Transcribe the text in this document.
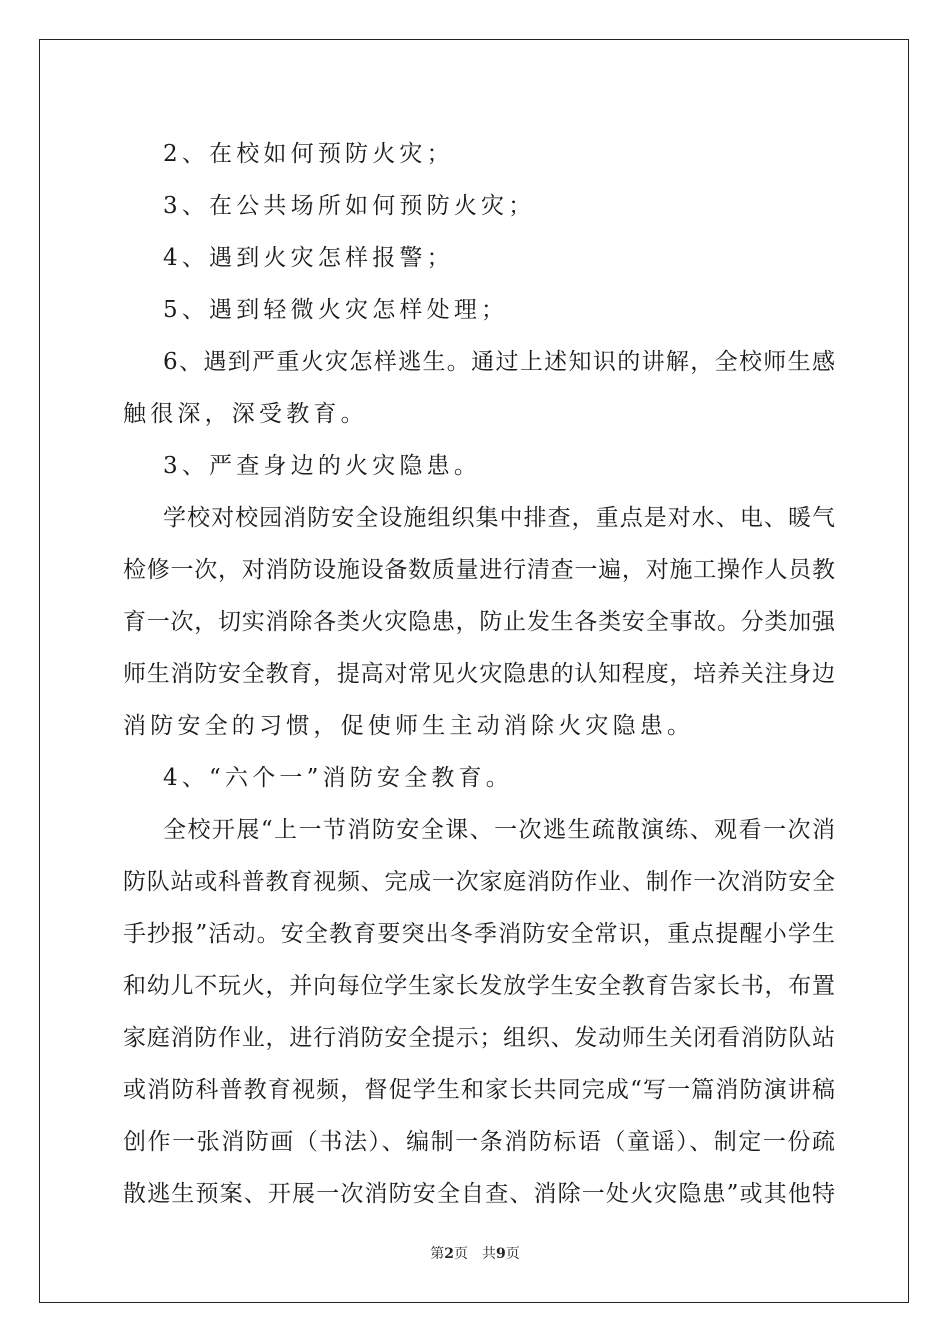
2、在校如何预防火灾；

3、在公共场所如何预防火灾；

4、遇到火灾怎样报警；

5、遇到轻微火灾怎样处理；

6、遇到严重火灾怎样逃生。通过上述知识的讲解，全校师生感

触很深，深受教育。

3、严查身边的火灾隐患。

学校对校园消防安全设施组织集中排查，重点是对水、电、暖气

检修一次，对消防设施设备数质量进行清查一遍，对施工操作人员教

育一次，切实消除各类火灾隐患，防止发生各类安全事故。分类加强

师生消防安全教育，提高对常见火灾隐患的认知程度，培养关注身边

消防安全的习惯，促使师生主动消除火灾隐患。

4、“六个一”消防安全教育。

全校开展“上一节消防安全课、一次逃生疏散演练、观看一次消

防队站或科普教育视频、完成一次家庭消防作业、制作一次消防安全

手抄报”活动。安全教育要突出冬季消防安全常识，重点提醒小学生

和幼儿不玩火，并向每位学生家长发放学生安全教育告家长书，布置

家庭消防作业，进行消防安全提示；组织、发动师生关闭看消防队站

或消防科普教育视频，督促学生和家长共同完成“写一篇消防演讲稿

创作一张消防画（书法）、编制一条消防标语（童谣）、制定一份疏

散逃生预案、开展一次消防安全自查、消除一处火灾隐患”或其他特

第2页 共9页
